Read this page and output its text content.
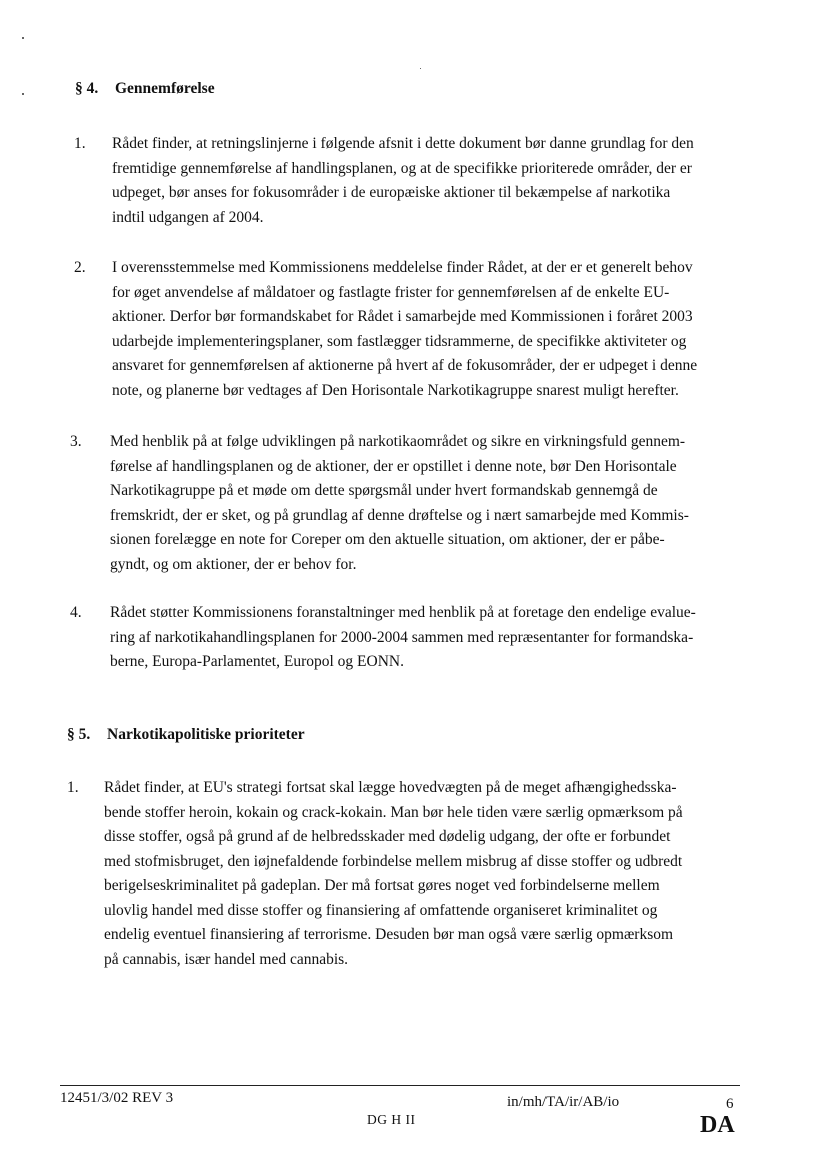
§ 4. Gennemførelse
1. Rådet finder, at retningslinjerne i følgende afsnit i dette dokument bør danne grundlag for den
fremtidige gennemførelse af handlingsplanen, og at de specifikke prioriterede områder, der er
udpeget, bør anses for fokusområder i de europæiske aktioner til bekæmpelse af narkotika
indtil udgangen af 2004.
2. I overensstemmelse med Kommissionens meddelelse finder Rådet, at der er et generelt behov
for øget anvendelse af måldatoer og fastlagte frister for gennemførelsen af de enkelte EU-
aktioner. Derfor bør formandskabet for Rådet i samarbejde med Kommissionen i foråret 2003
udarbejde implementeringsplaner, som fastlægger tidsrammerne, de specifikke aktiviteter og
ansvaret for gennemførelsen af aktionerne på hvert af de fokusområder, der er udpeget i denne
note, og planerne bør vedtages af Den Horisontale Narkotikagruppe snarest muligt herefter.
3. Med henblik på at følge udviklingen på narkotikaområdet og sikre en virkningsfuld gennem-
førelse af handlingsplanen og de aktioner, der er opstillet i denne note, bør Den Horisontale
Narkotikagruppe på et møde om dette spørgsmål under hvert formandskab gennemgå de
fremskridt, der er sket, og på grundlag af denne drøftelse og i nært samarbejde med Kommis-
sionen forelægge en note for Coreper om den aktuelle situation, om aktioner, der er påbe-
gyndt, og om aktioner, der er behov for.
4. Rådet støtter Kommissionens foranstaltninger med henblik på at foretage den endelige evalue-
ring af narkotikahandlingsplanen for 2000-2004 sammen med repræsentanter for formandska-
berne, Europa-Parlamentet, Europol og EONN.
§ 5. Narkotikapolitiske prioriteter
1. Rådet finder, at EU's strategi fortsat skal lægge hovedvægten på de meget afhængighedsska-
bende stoffer heroin, kokain og crack-kokain. Man bør hele tiden være særlig opmærksom på
disse stoffer, også på grund af de helbredsskader med dødelig udgang, der ofte er forbundet
med stofmisbruget, den iøjnefaldende forbindelse mellem misbrug af disse stoffer og udbredt
berigelseskriminalitet på gadeplan. Der må fortsat gøres noget ved forbindelserne mellem
ulovlig handel med disse stoffer og finansiering af omfattende organiseret kriminalitet og
endelig eventuel finansiering af terrorisme. Desuden bør man også være særlig opmærksom
på cannabis, især handel med cannabis.
12451/3/02 REV 3
DG H II
in/mh/TA/ir/AB/io	6
DA
